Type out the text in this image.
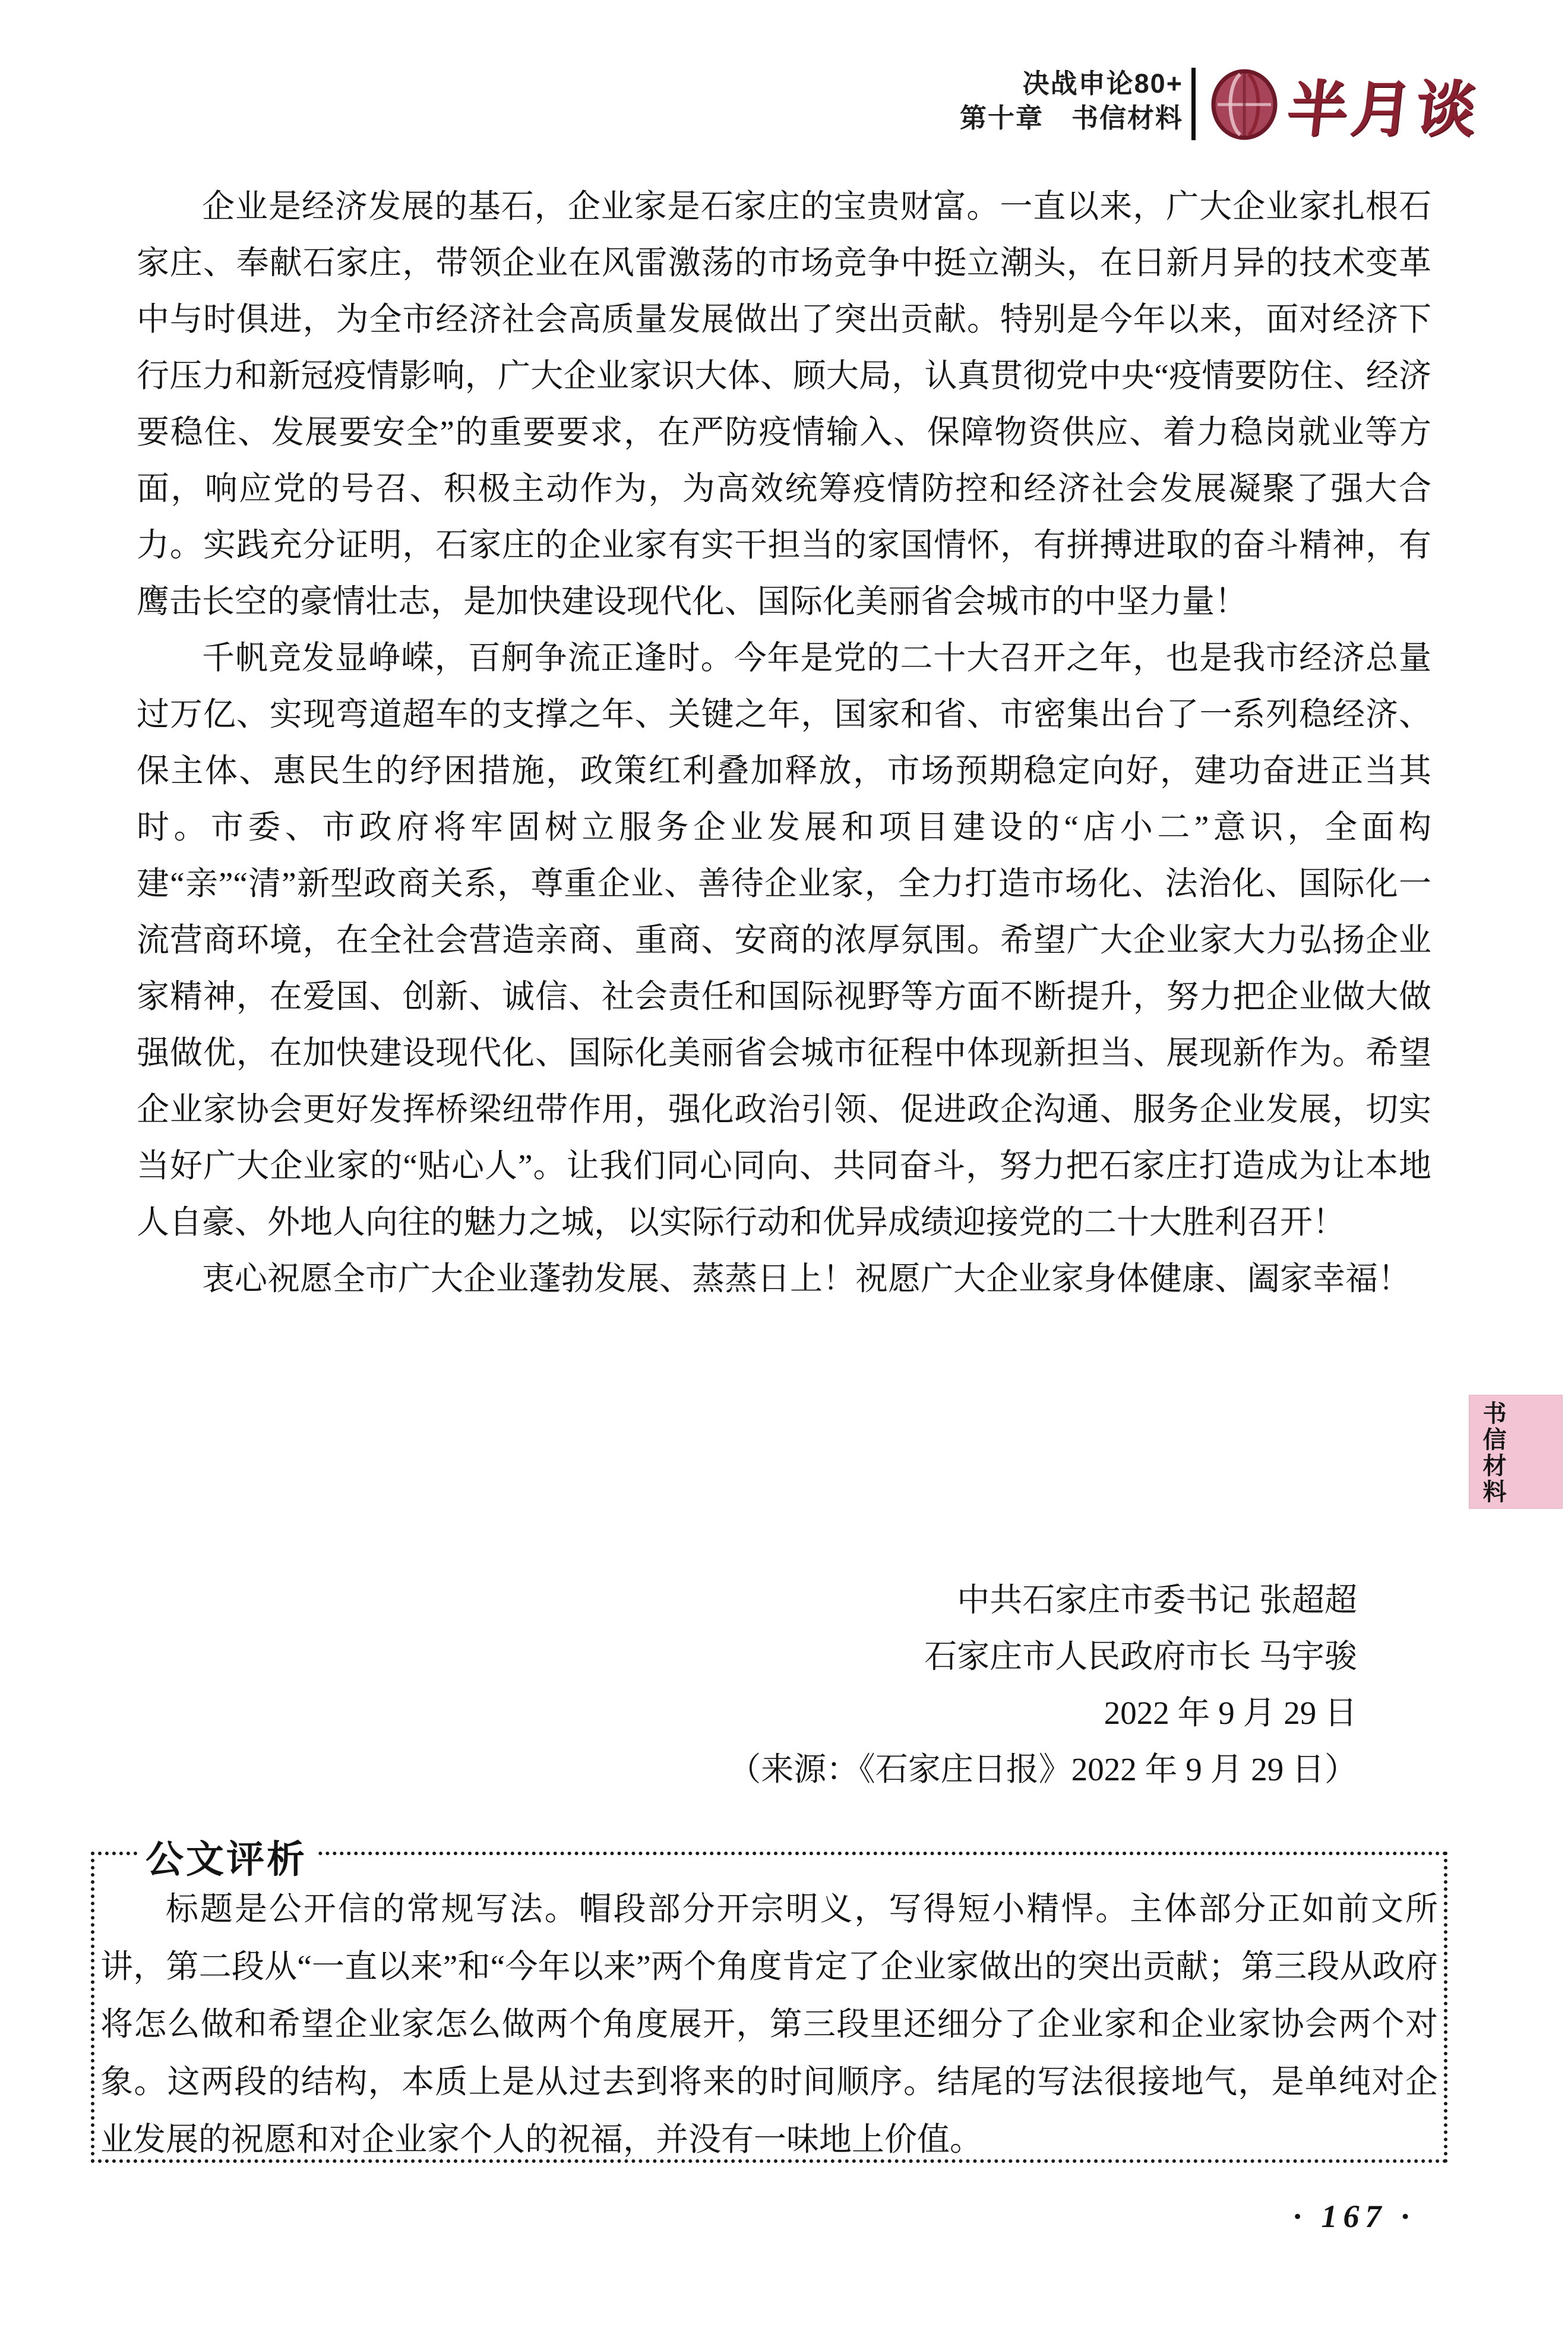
决战申论80+
第十章　书信材料 半月谈

企业是经济发展的基石，企业家是石家庄的宝贵财富。一直以来，广大企业家扎根石家庄、奉献石家庄，带领企业在风雷激荡的市场竞争中挺立潮头，在日新月异的技术变革中与时俱进，为全市经济社会高质量发展做出了突出贡献。特别是今年以来，面对经济下行压力和新冠疫情影响，广大企业家识大体、顾大局，认真贯彻党中央“疫情要防住、经济要稳住、发展要安全”的重要要求，在严防疫情输入、保障物资供应、着力稳岗就业等方面，响应党的号召、积极主动作为，为高效统筹疫情防控和经济社会发展凝聚了强大合力。实践充分证明，石家庄的企业家有实干担当的家国情怀，有拼搏进取的奋斗精神，有鹰击长空的豪情壮志，是加快建设现代化、国际化美丽省会城市的中坚力量！

千帆竞发显峥嵘，百舸争流正逢时。今年是党的二十大召开之年，也是我市经济总量过万亿、实现弯道超车的支撑之年、关键之年，国家和省、市密集出台了一系列稳经济、保主体、惠民生的纾困措施，政策红利叠加释放，市场预期稳定向好，建功奋进正当其时。市委、市政府将牢固树立服务企业发展和项目建设的“店小二”意识，全面构建“亲”“清”新型政商关系，尊重企业、善待企业家，全力打造市场化、法治化、国际化一流营商环境，在全社会营造亲商、重商、安商的浓厚氛围。希望广大企业家大力弘扬企业家精神，在爱国、创新、诚信、社会责任和国际视野等方面不断提升，努力把企业做大做强做优，在加快建设现代化、国际化美丽省会城市征程中体现新担当、展现新作为。希望企业家协会更好发挥桥梁纽带作用，强化政治引领、促进政企沟通、服务企业发展，切实当好广大企业家的“贴心人”。让我们同心同向、共同奋斗，努力把石家庄打造成为让本地人自豪、外地人向往的魅力之城，以实际行动和优异成绩迎接党的二十大胜利召开！

衷心祝愿全市广大企业蓬勃发展、蒸蒸日上！祝愿广大企业家身体健康、阖家幸福！

中共石家庄市委书记 张超超
石家庄市人民政府市长 马宇骏
2022 年 9 月 29 日
（来源：《石家庄日报》2022 年 9 月 29 日）
公文评析

标题是公开信的常规写法。帽段部分开宗明义，写得短小精悍。主体部分正如前文所讲，第二段从“一直以来”和“今年以来”两个角度肯定了企业家做出的突出贡献；第三段从政府将怎么做和希望企业家怎么做两个角度展开，第三段里还细分了企业家和企业家协会两个对象。这两段的结构，本质上是从过去到将来的时间顺序。结尾的写法很接地气，是单纯对企业发展的祝愿和对企业家个人的祝福，并没有一味地上价值。

书信材料
· 167 ·
